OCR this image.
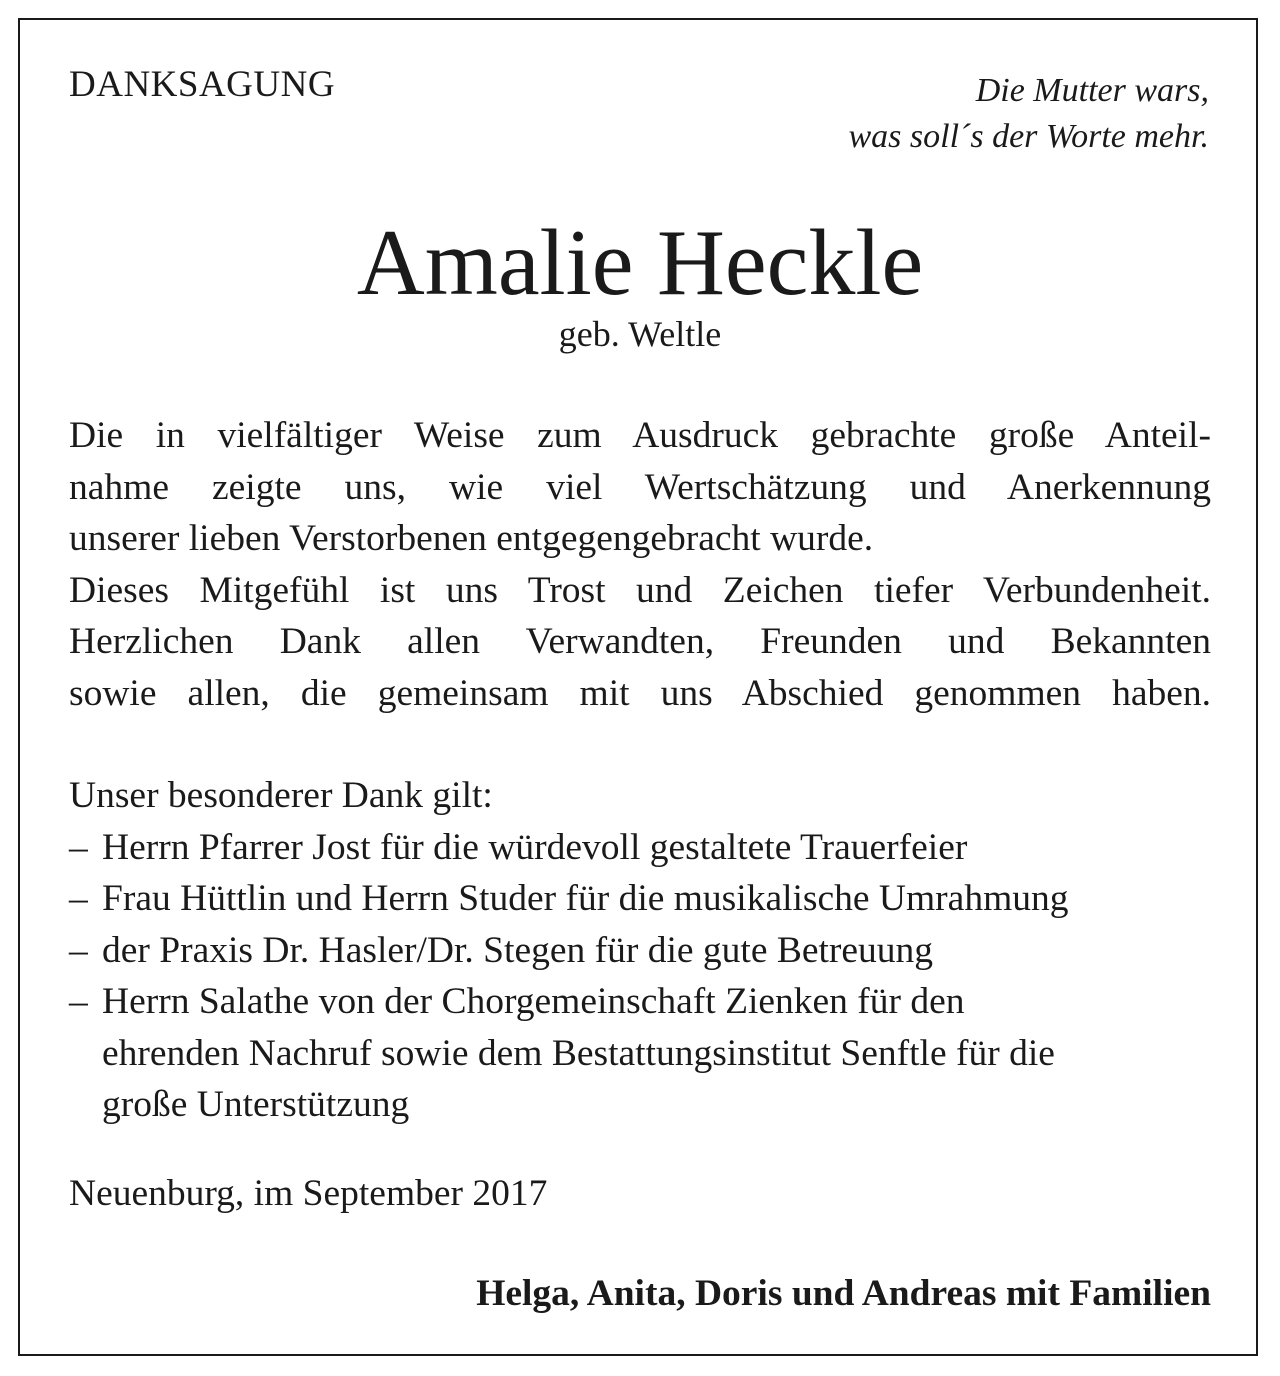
DANKSAGUNG	Die Mutter wars,
was soll´s der Worte mehr.
Amalie Heckle
geb. Weltle
Die in vielfältiger Weise zum Ausdruck gebrachte große Anteil-
nahme zeigte uns, wie viel Wertschätzung und Anerkennung
unserer lieben Verstorbenen entgegengebracht wurde.
Dieses Mitgefühl ist uns Trost und Zeichen tiefer Verbundenheit.
Herzlichen Dank allen Verwandten, Freunden und Bekannten
sowie allen, die gemeinsam mit uns Abschied genommen haben.
Unser besonderer Dank gilt:
– Herrn Pfarrer Jost für die würdevoll gestaltete Trauerfeier
– Frau Hüttlin und Herrn Studer für die musikalische Umrahmung
– der Praxis Dr. Hasler/Dr. Stegen für die gute Betreuung
– Herrn Salathe von der Chorgemeinschaft Zienken für den
ehrenden Nachruf sowie dem Bestattungsinstitut Senftle für die
große Unterstützung
Neuenburg, im September 2017
Helga, Anita, Doris und Andreas mit Familien
